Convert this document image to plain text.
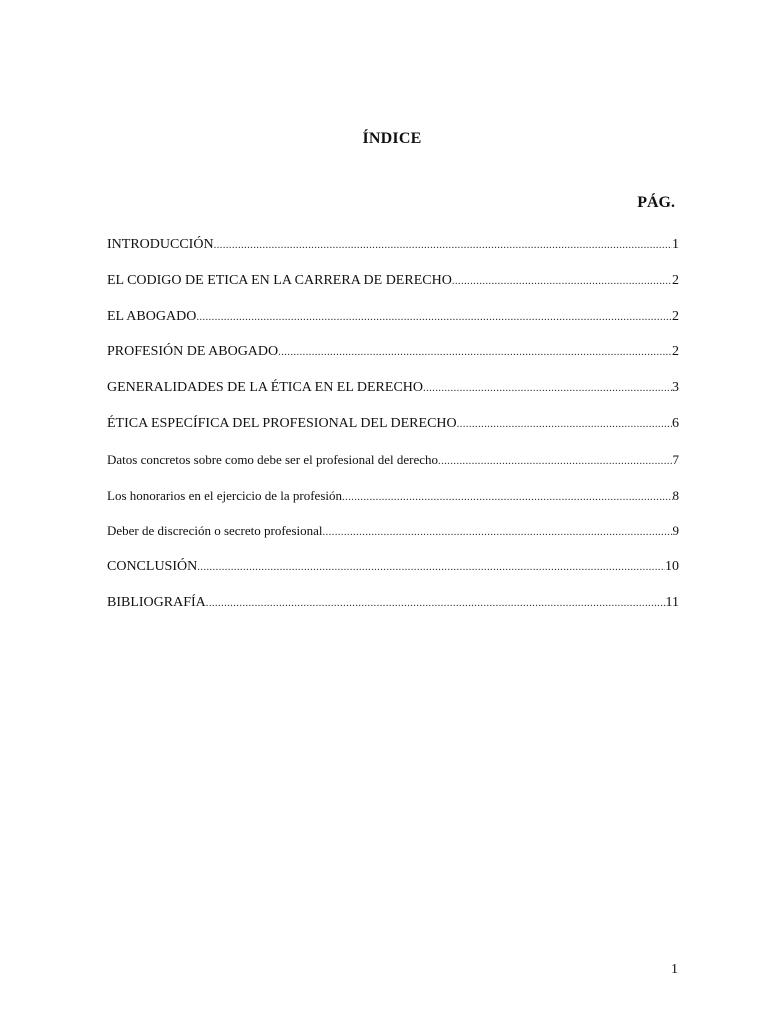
ÍNDICE
PÁG.
INTRODUCCIÓN .....	1
EL CODIGO DE ETICA EN LA CARRERA DE DERECHO .....	2
EL ABOGADO .....	2
PROFESIÓN DE ABOGADO .....	2
GENERALIDADES DE LA ÉTICA EN EL DERECHO .....	3
ÉTICA ESPECÍFICA DEL PROFESIONAL DEL DERECHO .....	6
Datos concretos sobre como debe ser el profesional del derecho .....	7
Los honorarios en el ejercicio de la profesión .....	8
Deber de discreción o secreto profesional .....	9
CONCLUSIÓN .....	10
BIBLIOGRAFÍA .....	11
1
